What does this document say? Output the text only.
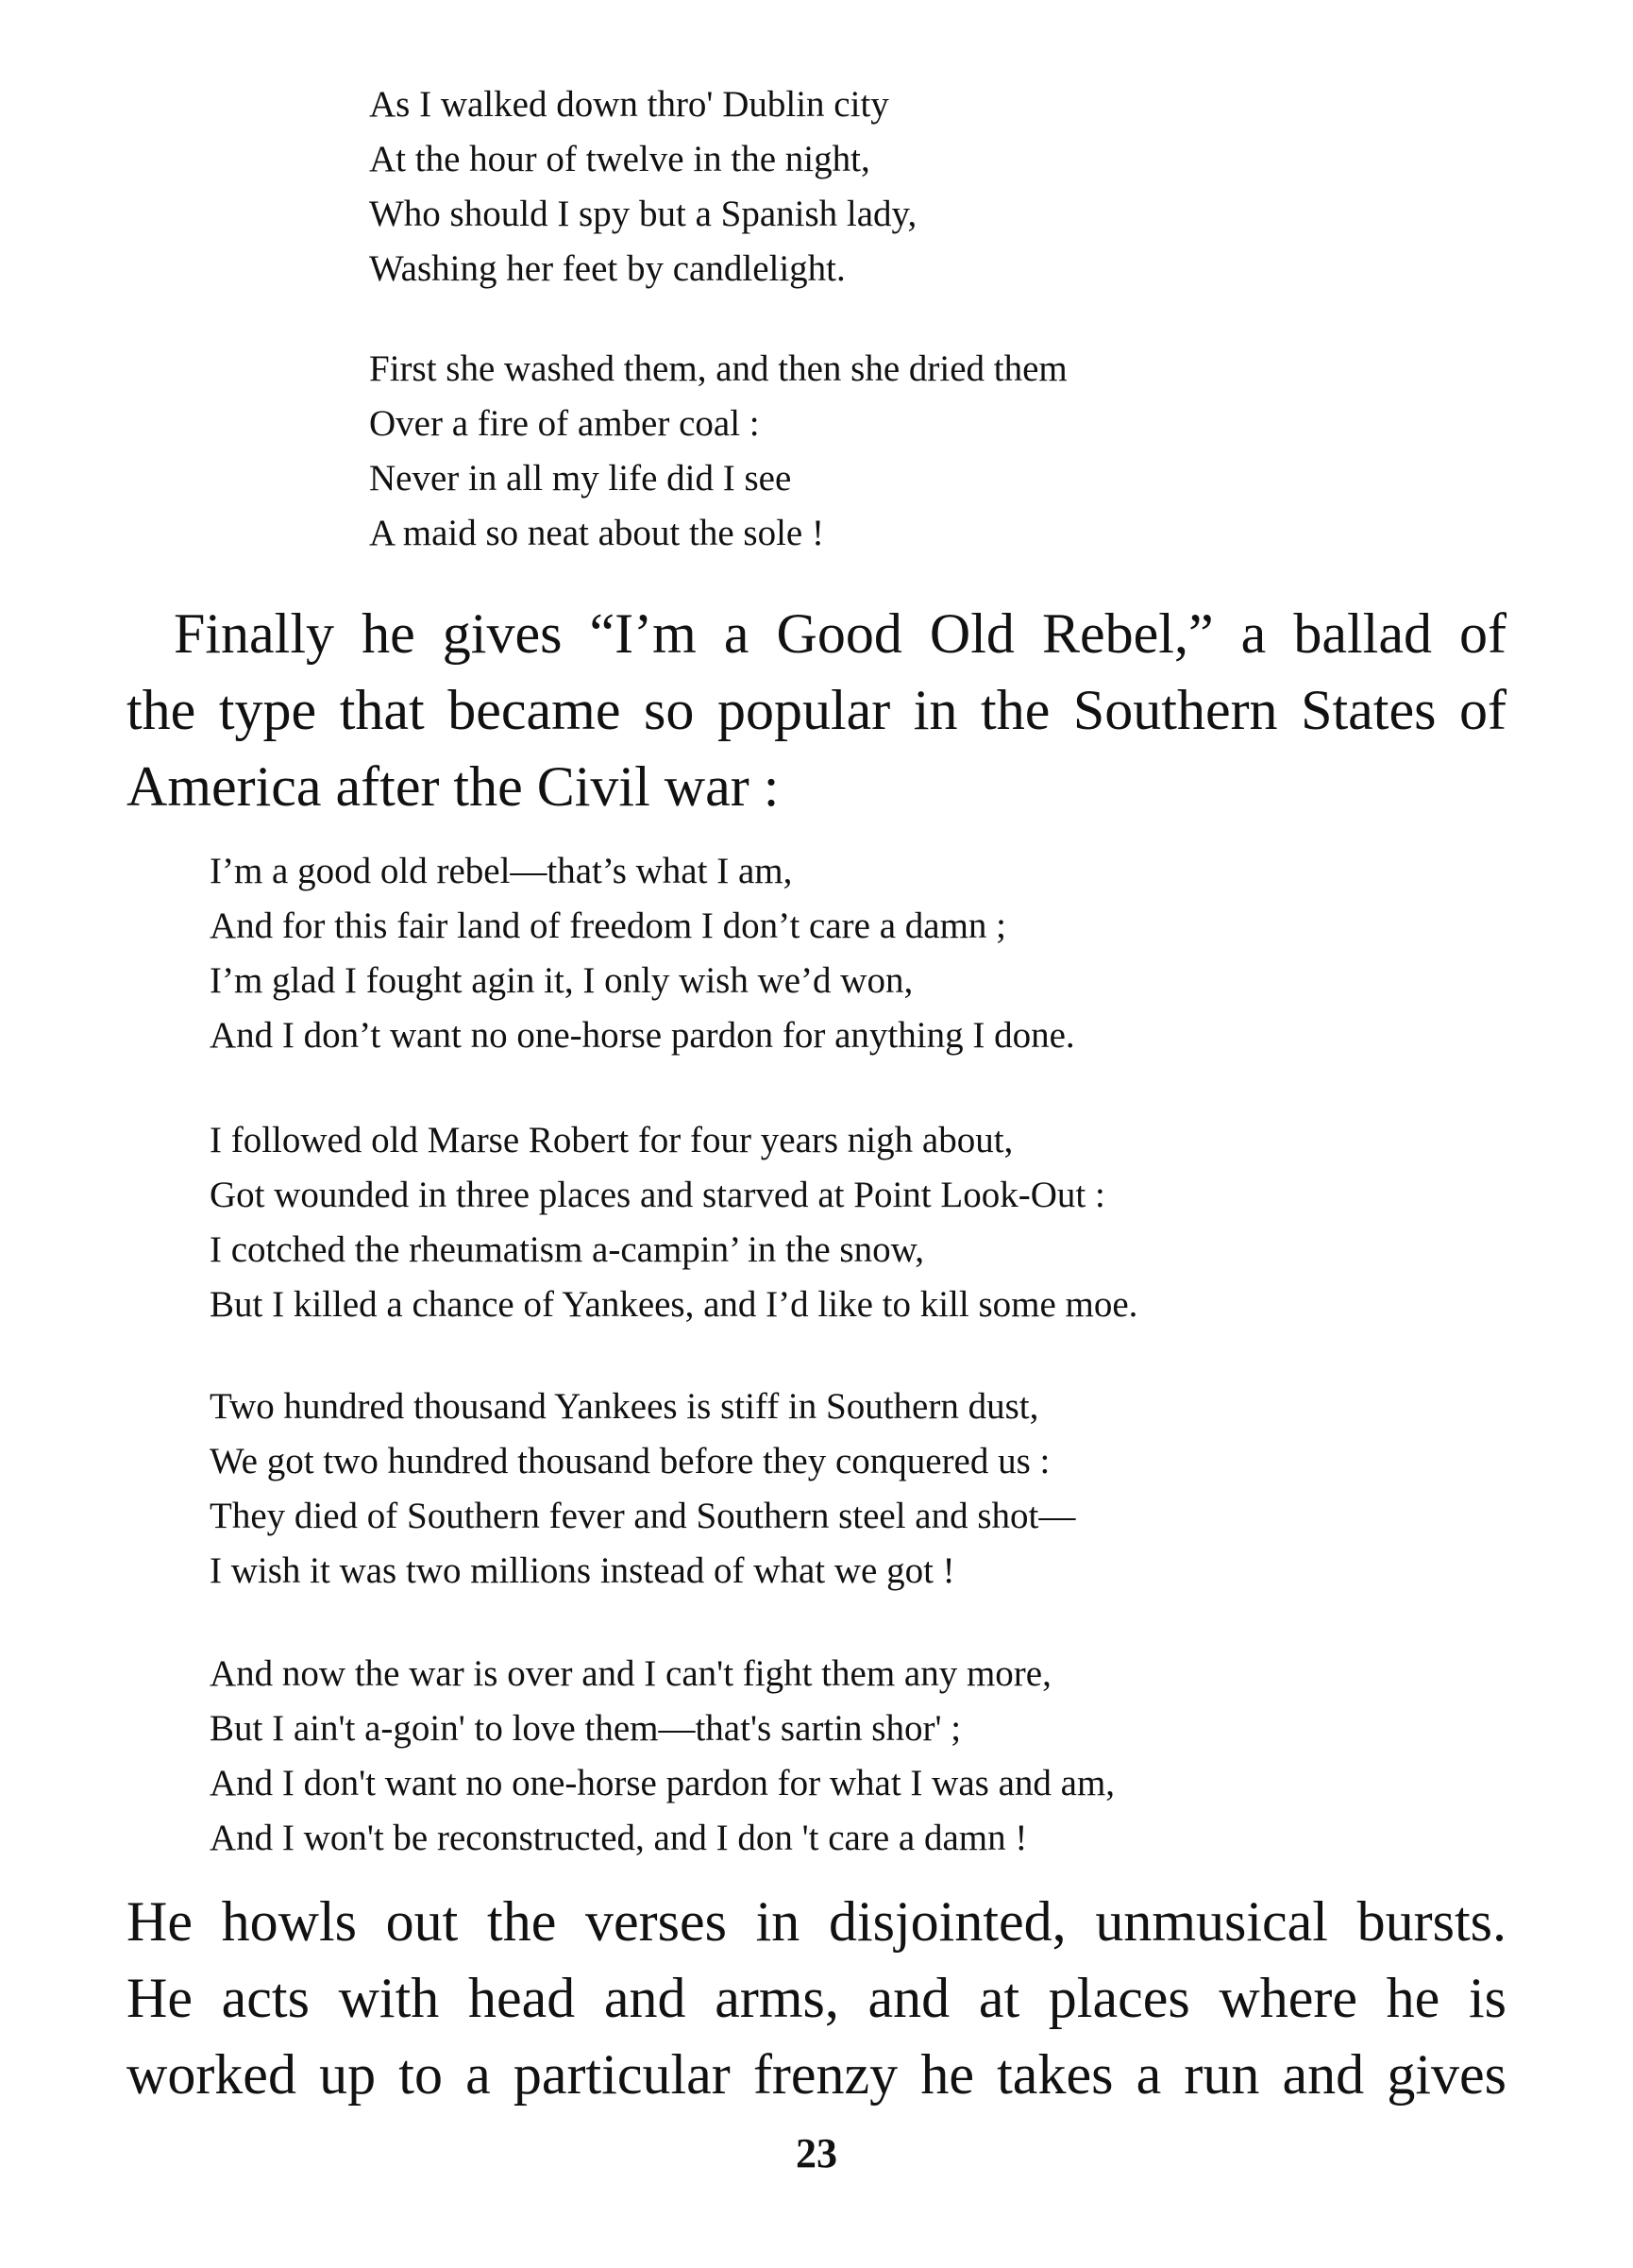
As I walked down thro' Dublin city
At the hour of twelve in the night,
Who should I spy but a Spanish lady,
Washing her feet by candlelight.
First she washed them, and then she dried them
Over a fire of amber coal :
Never in all my life did I see
A maid so neat about the sole !
Finally he gives “I’m a Good Old Rebel,” a ballad of
the type that became so popular in the Southern States of
America after the Civil war :
I’m a good old rebel—that’s what I am,
And for this fair land of freedom I don’t care a damn ;
I’m glad I fought agin it, I only wish we’d won,
And I don’t want no one-horse pardon for anything I done.
I followed old Marse Robert for four years nigh about,
Got wounded in three places and starved at Point Look-Out :
I cotched the rheumatism a-campin’ in the snow,
But I killed a chance of Yankees, and I’d like to kill some moe.
Two hundred thousand Yankees is stiff in Southern dust,
We got two hundred thousand before they conquered us :
They died of Southern fever and Southern steel and shot—
I wish it was two millions instead of what we got !
And now the war is over and I can't fight them any more,
But I ain't a-goin' to love them—that's sartin shor' ;
And I don't want no one-horse pardon for what I was and am,
And I won't be reconstructed, and I don 't care a damn !
He howls out the verses in disjointed, unmusical bursts.
He acts with head and arms, and at places where he is
worked up to a particular frenzy he takes a run and gives
23
